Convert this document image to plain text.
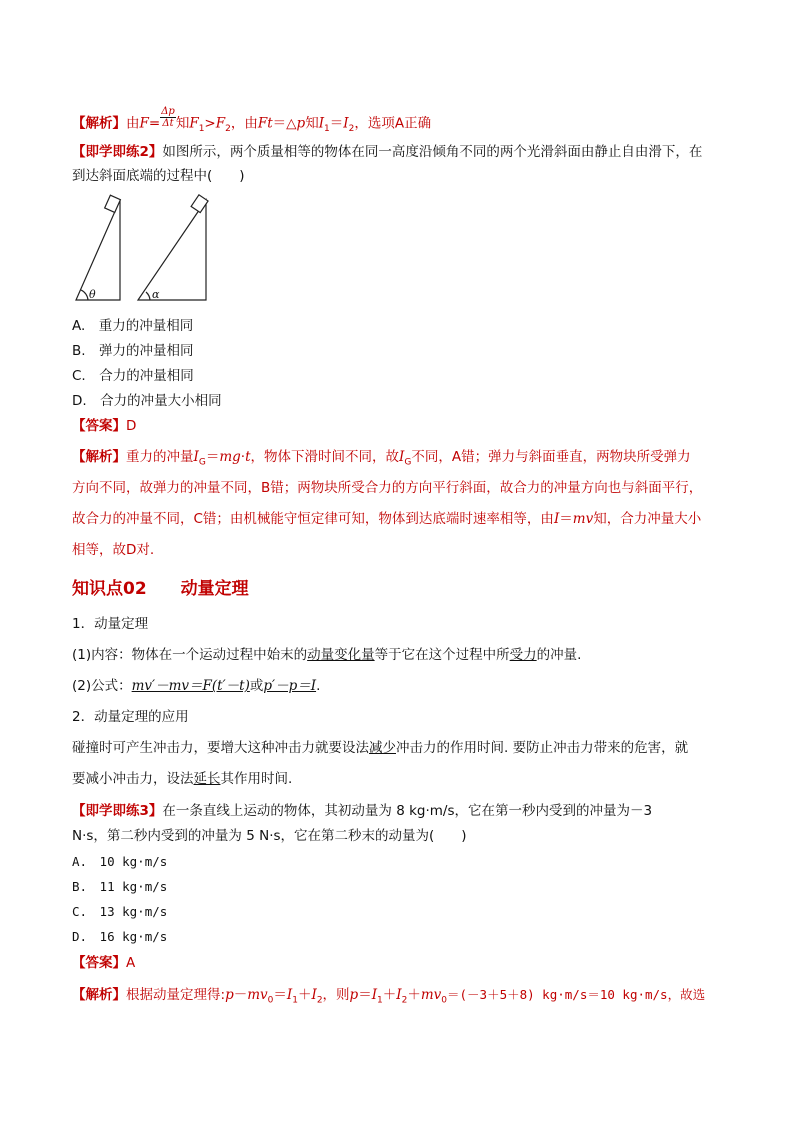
【解析】由$F= \frac{\Delta p}{\Delta t}$ 知$F_1>F_2$，由Ft＝△p知$I_1=I_2$，选项A正确
【即学即练2】如图所示，两个质量相等的物体在同一高度沿倾角不同的两个光滑斜面由静止自由滑下，在
到达斜面底端的过程中(　　)
θ	α
A.　重力的冲量相同
B.　弹力的冲量相同
C.　合力的冲量相同
D.　合力的冲量大小相同
【答案】D
【解析】重力的冲量$I_G=mg\cdot t$，物体下滑时间不同，故$I_G$不同，A错；弹力与斜面垂直，两物块所受弹力
方向不同，故弹力的冲量不同，B错；两物块所受合力的方向平行斜面，故合力的冲量方向也与斜面平行，
故合力的冲量不同，C错；由机械能守恒定律可知，物体到达底端时速率相等，由I＝mv知，合力冲量大小
相等，故D对.
知识点02　　动量定理
1．动量定理
(1)内容：物体在一个运动过程中始末的动量变化量等于它在这个过程中所受力的冲量.
(2)公式：mv′－mv＝F(t′－t)或p′－p＝I.
2．动量定理的应用
碰撞时可产生冲击力，要增大这种冲击力就要设法减少冲击力的作用时间. 要防止冲击力带来的危害，就
要减小冲击力，设法延长其作用时间.
【即学即练3】在一条直线上运动的物体，其初动量为 8 kg·m/s，它在第一秒内受到的冲量为－3
N·s，第二秒内受到的冲量为 5 N·s，它在第二秒末的动量为(　　)
A.　10 kg·m/s
B.　11 kg·m/s
C.　13 kg·m/s
D.　16 kg·m/s
【答案】A
【解析】根据动量定理得$:p-mv_0=I_1+I_2$，则$p=I_1+I_2+mv_0=(-3+5+8)$ kg·m/s＝10 kg·m/s，故选
